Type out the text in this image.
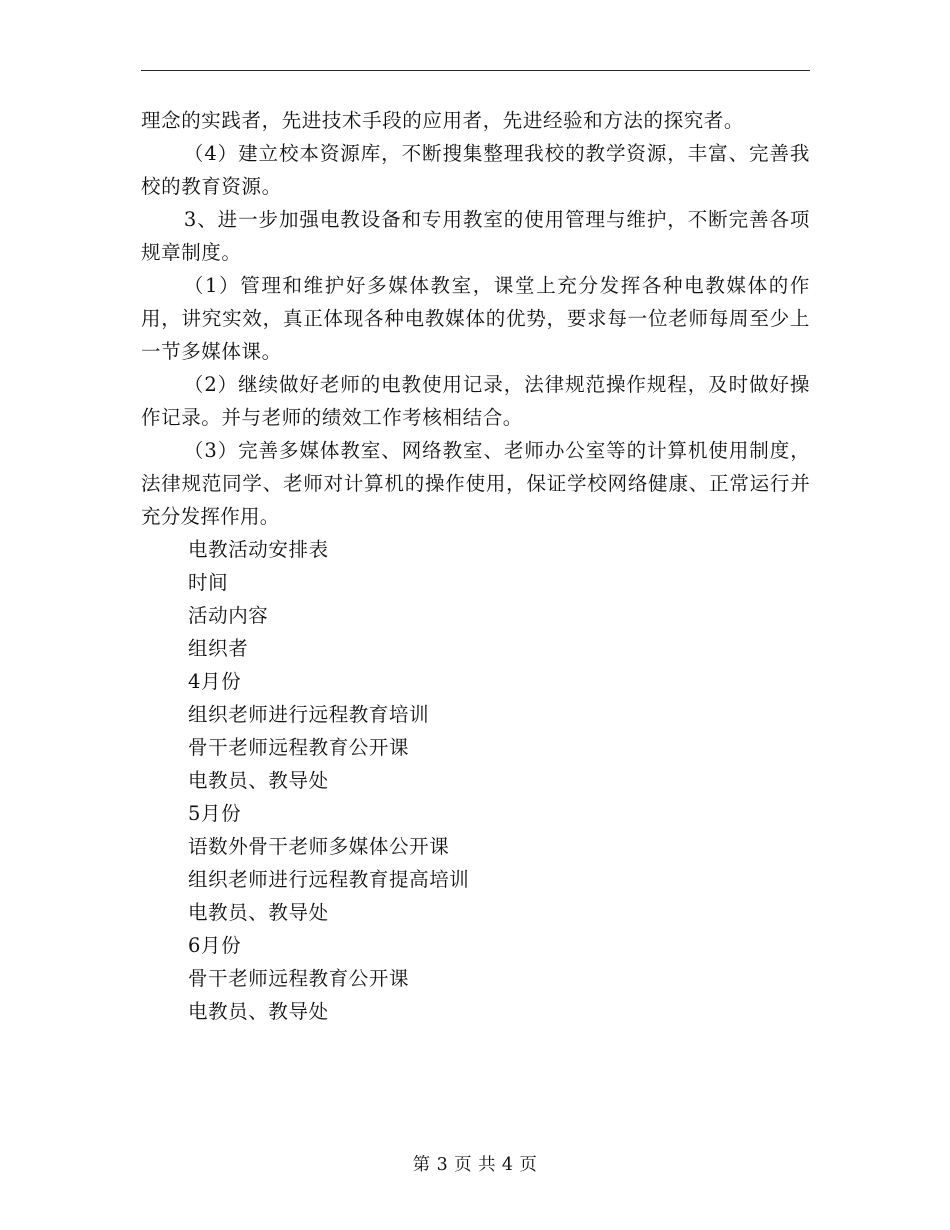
理念的实践者，先进技术手段的应用者，先进经验和方法的探究者。

（4）建立校本资源库，不断搜集整理我校的教学资源，丰富、完善我校的教育资源。

3、进一步加强电教设备和专用教室的使用管理与维护，不断完善各项规章制度。

（1）管理和维护好多媒体教室，课堂上充分发挥各种电教媒体的作用，讲究实效，真正体现各种电教媒体的优势，要求每一位老师每周至少上一节多媒体课。

（2）继续做好老师的电教使用记录，法律规范操作规程，及时做好操作记录。并与老师的绩效工作考核相结合。

（3）完善多媒体教室、网络教室、老师办公室等的计算机使用制度，法律规范同学、老师对计算机的操作使用，保证学校网络健康、正常运行并充分发挥作用。

电教活动安排表
时间
活动内容
组织者
4月份
组织老师进行远程教育培训
骨干老师远程教育公开课
电教员、教导处
5月份
语数外骨干老师多媒体公开课
组织老师进行远程教育提高培训
电教员、教导处
6月份
骨干老师远程教育公开课
电教员、教导处
第 3 页 共 4 页
